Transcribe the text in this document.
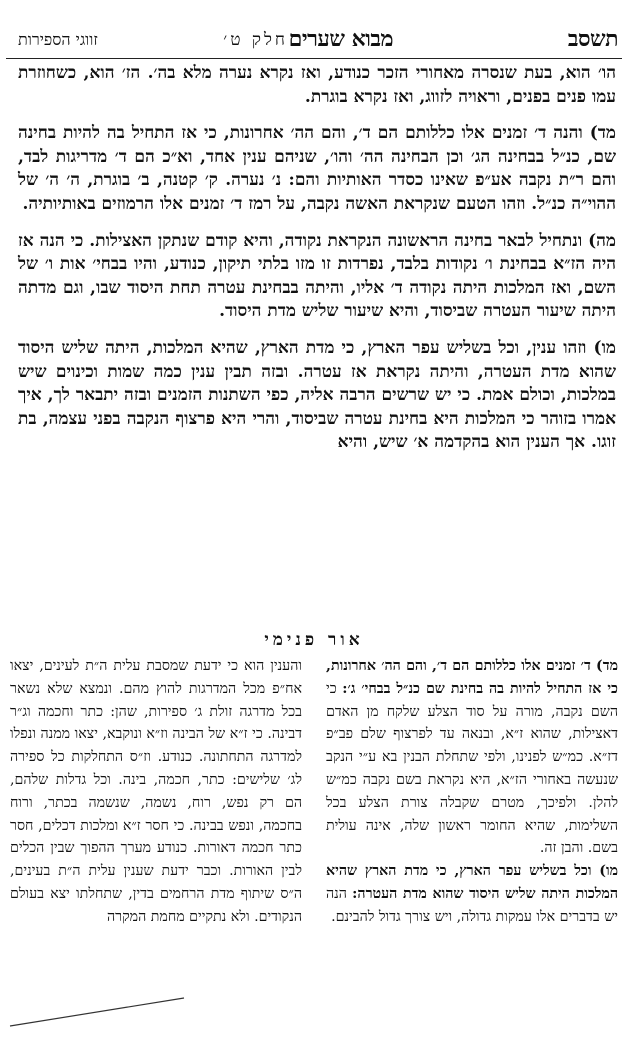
תשסב
חלק ט׳ מבוא שערים
זווגי הספירות

הו׳ הוא, בעת שנסרה מאחורי הזכר כנודע, ואז נקרא נערה מלא בה׳. הז׳ הוא, כשחוזרת עמו פנים בפנים, וראויה לזווג, ואז נקרא בוגרת.

מד) והנה ד׳ זמנים אלו כללותם הם ד׳, והם הה׳ אחרונות, כי אז התחיל בה להיות בחינה שם, כנ״ל בבחינה הג׳ וכן הבחינה הה׳ והו׳, שניהם ענין אחד, וא״כ הם ד׳ מדריגות לבד, והם ר״ת נקבה אע״פ שאינו כסדר האותיות והם: נ׳ נערה. ק׳ קטנה, ב׳ בוגרת, ה׳ ה׳ של ההוי״ה כנ״ל. וזהו הטעם שנקראת האשה נקבה, על רמז ד׳ זמנים אלו הרמוזים באותיותיה.

מה) ונתחיל לבאר בחינה הראשונה הנקראת נקודה, והיא קודם שנתקן האצילות. כי הנה אז היה הז״א בבחינת ו׳ נקודות בלבד, נפרדות זו מזו בלתי תיקון, כנודע, והיו בבחי׳ אות ו׳ של השם, ואז המלכות היתה נקודה ד׳ אליו, והיתה בבחינת עטרה תחת היסוד שבו, וגם מדתה היתה שיעור העטרה שביסוד, והיא שיעור שליש מדת היסוד.

מו) וזהו ענין, וכל בשליש עפר הארץ, כי מדת הארץ, שהיא המלכות, היתה שליש היסוד שהוא מדת העטרה, והיתה נקראת אז עטרה. ובזה תבין ענין כמה שמות וכינוים שיש במלכות, וכולם אמת. כי יש שרשים הרבה אליה, כפי השתנות הזמנים ובזה יתבאר לך, איך אמרו בזוהר כי המלכות היא בחינת עטרה שביסוד, והרי היא פרצוף הנקבה בפני עצמה, בת זוגו. אך הענין הוא בהקדמה א׳ שיש, והיא

אור פנימי

מד) ד׳ זמנים אלו כללותם הם ד׳, והם הה׳ אחרונות, כי אז התחיל להיות בה בחינת שם כנ״ל בבחי׳ ג׳: כי השם נקבה, מורה על סוד הצלע שלקח מן האדם דאצילות, שהוא ז״א, ובנאה עד לפרצוף שלם פב״פ דז״א. כמ״ש לפנינו, ולפי שתחלת הבנין בא ע״י הנקב שנעשה באחורי הז״א, היא נקראת בשם נקבה כמ״ש להלן. ולפיכך, מטרם שקבלה צורת הצלע בכל השלימות, שהיא החומר ראשון שלה, אינה עולית בשם. והבן זה.

מו) וכל בשליש עפר הארץ, כי מדת הארץ שהיא המלכות היתה שליש היסוד שהוא מדת העטרה: הנה יש בדברים אלו עמקות גדולה, ויש צורך גדול להבינם.

והענין הוא כי ידעת שמסבת עלית ה״ת לעינים, יצאו אח״פ מכל המדרגות להוץ מהם. ונמצא שלא נשאר בכל מדרגה זולת ג׳ ספירות, שהן: כתר וחכמה וג״ר דבינה. כי ז״א של הבינה וז״א ונוקבא, יצאו ממנה ונפלו למדרגה התחתונה. כנודע. וז״ס התחלקות כל ספירה לג׳ שלישים: כתר, חכמה, בינה. וכל גדלות שלהם, הם רק נפש, רוח, נשמה, שנשמה בכתר, ורוח בחכמה, ונפש בבינה. כי חסר ז״א ומלכות דכלים, חסר כתר חכמה דאורות. כנודע מערך ההפוך שבין הכלים לבין האורות. וכבר ידעת שענין עלית ה״ת בעינים, ה״ס שיתוף מדת הרחמים בדין, שתחלתו יצא בעולם הנקודים. ולא נתקיים מחמת המקרה
